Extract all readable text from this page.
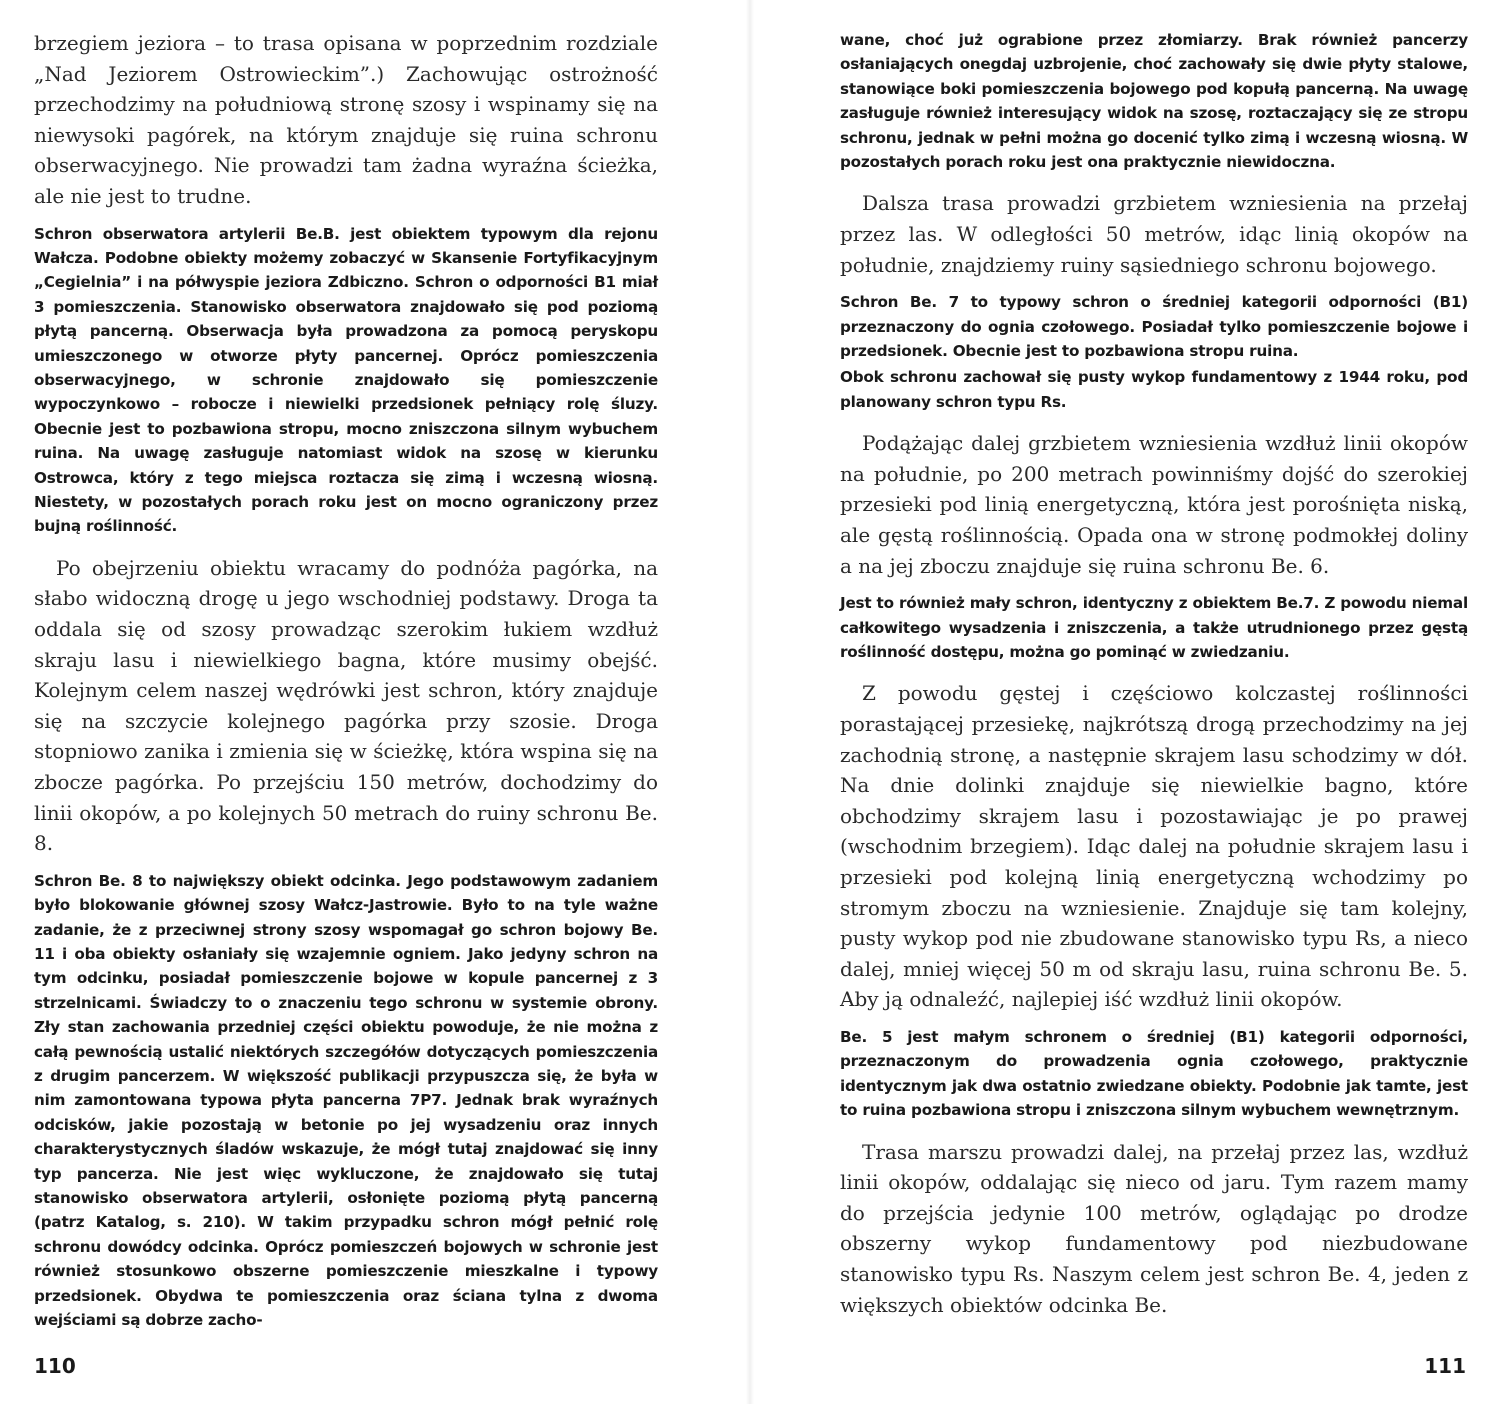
brzegiem jeziora – to trasa opisana w poprzednim rozdziale „Nad Jeziorem Ostrowieckim”.) Zachowując ostrożność przechodzimy na południową stronę szosy i wspinamy się na niewysoki pagórek, na którym znajduje się ruina schronu obserwacyjnego. Nie prowadzi tam żadna wyraźna ścieżka, ale nie jest to trudne.

Schron obserwatora artylerii Be.B. jest obiektem typowym dla rejonu Wałcza. Podobne obiekty możemy zobaczyć w Skansenie Fortyfikacyjnym „Cegielnia” i na półwyspie jeziora Zdbiczno. Schron o odporności B1 miał 3 pomieszczenia. Stanowisko obserwatora znajdowało się pod poziomą płytą pancerną. Obserwacja była prowadzona za pomocą peryskopu umieszczonego w otworze płyty pancernej. Oprócz pomieszczenia obserwacyjnego, w schronie znajdowało się pomieszczenie wypoczynkowo – robocze i niewielki przedsionek pełniący rolę śluzy. Obecnie jest to pozbawiona stropu, mocno zniszczona silnym wybuchem ruina. Na uwagę zasługuje natomiast widok na szosę w kierunku Ostrowca, który z tego miejsca roztacza się zimą i wczesną wiosną. Niestety, w pozostałych porach roku jest on mocno ograniczony przez bujną roślinność.

Po obejrzeniu obiektu wracamy do podnóża pagórka, na słabo widoczną drogę u jego wschodniej podstawy. Droga ta oddala się od szosy prowadząc szerokim łukiem wzdłuż skraju lasu i niewielkiego bagna, które musimy obejść. Kolejnym celem naszej wędrówki jest schron, który znajduje się na szczycie kolejnego pagórka przy szosie. Droga stopniowo zanika i zmienia się w ścieżkę, która wspina się na zbocze pagórka. Po przejściu 150 metrów, dochodzimy do linii okopów, a po kolejnych 50 metrach do ruiny schronu Be. 8.

Schron Be. 8 to największy obiekt odcinka. Jego podstawowym zadaniem było blokowanie głównej szosy Wałcz-Jastrowie. Było to na tyle ważne zadanie, że z przeciwnej strony szosy wspomagał go schron bojowy Be. 11 i oba obiekty osłaniały się wzajemnie ogniem. Jako jedyny schron na tym odcinku, posiadał pomieszczenie bojowe w kopule pancernej z 3 strzelnicami. Świadczy to o znaczeniu tego schronu w systemie obrony. Zły stan zachowania przedniej części obiektu powoduje, że nie można z całą pewnością ustalić niektórych szczegółów dotyczących pomieszczenia z drugim pancerzem. W większość publikacji przypuszcza się, że była w nim zamontowana typowa płyta pancerna 7P7. Jednak brak wyraźnych odcisków, jakie pozostają w betonie po jej wysadzeniu oraz innych charakterystycznych śladów wskazuje, że mógł tutaj znajdować się inny typ pancerza. Nie jest więc wykluczone, że znajdowało się tutaj stanowisko obserwatora artylerii, osłonięte poziomą płytą pancerną (patrz Katalog, s. 210). W takim przypadku schron mógł pełnić rolę schronu dowódcy odcinka. Oprócz pomieszczeń bojowych w schronie jest również stosunkowo obszerne pomieszczenie mieszkalne i typowy przedsionek. Obydwa te pomieszczenia oraz ściana tylna z dwoma wejściami są dobrze zacho-

110

wane, choć już ograbione przez złomiarzy. Brak również pancerzy osłaniających onegdaj uzbrojenie, choć zachowały się dwie płyty stalowe, stanowiące boki pomieszczenia bojowego pod kopułą pancerną. Na uwagę zasługuje również interesujący widok na szosę, roztaczający się ze stropu schronu, jednak w pełni można go docenić tylko zimą i wczesną wiosną. W pozostałych porach roku jest ona praktycznie niewidoczna.

Dalsza trasa prowadzi grzbietem wzniesienia na przełaj przez las. W odległości 50 metrów, idąc linią okopów na południe, znajdziemy ruiny sąsiedniego schronu bojowego.

Schron Be. 7 to typowy schron o średniej kategorii odporności (B1) przeznaczony do ognia czołowego. Posiadał tylko pomieszczenie bojowe i przedsionek. Obecnie jest to pozbawiona stropu ruina.

Obok schronu zachował się pusty wykop fundamentowy z 1944 roku, pod planowany schron typu Rs.

Podążając dalej grzbietem wzniesienia wzdłuż linii okopów na południe, po 200 metrach powinniśmy dojść do szerokiej przesieki pod linią energetyczną, która jest porośnięta niską, ale gęstą roślinnością. Opada ona w stronę podmokłej doliny a na jej zboczu znajduje się ruina schronu Be. 6.

Jest to również mały schron, identyczny z obiektem Be.7. Z powodu niemal całkowitego wysadzenia i zniszczenia, a także utrudnionego przez gęstą roślinność dostępu, można go pominąć w zwiedzaniu.

Z powodu gęstej i częściowo kolczastej roślinności porastającej przesiekę, najkrótszą drogą przechodzimy na jej zachodnią stronę, a następnie skrajem lasu schodzimy w dół. Na dnie dolinki znajduje się niewielkie bagno, które obchodzimy skrajem lasu i pozostawiając je po prawej (wschodnim brzegiem). Idąc dalej na południe skrajem lasu i przesieki pod kolejną linią energetyczną wchodzimy po stromym zboczu na wzniesienie. Znajduje się tam kolejny, pusty wykop pod nie zbudowane stanowisko typu Rs, a nieco dalej, mniej więcej 50 m od skraju lasu, ruina schronu Be. 5. Aby ją odnaleźć, najlepiej iść wzdłuż linii okopów.

Be. 5 jest małym schronem o średniej (B1) kategorii odporności, przeznaczonym do prowadzenia ognia czołowego, praktycznie identycznym jak dwa ostatnio zwiedzane obiekty. Podobnie jak tamte, jest to ruina pozbawiona stropu i zniszczona silnym wybuchem wewnętrznym.

Trasa marszu prowadzi dalej, na przełaj przez las, wzdłuż linii okopów, oddalając się nieco od jaru. Tym razem mamy do przejścia jedynie 100 metrów, oglądając po drodze obszerny wykop fundamentowy pod niezbudowane stanowisko typu Rs. Naszym celem jest schron Be. 4, jeden z większych obiektów odcinka Be.

111
